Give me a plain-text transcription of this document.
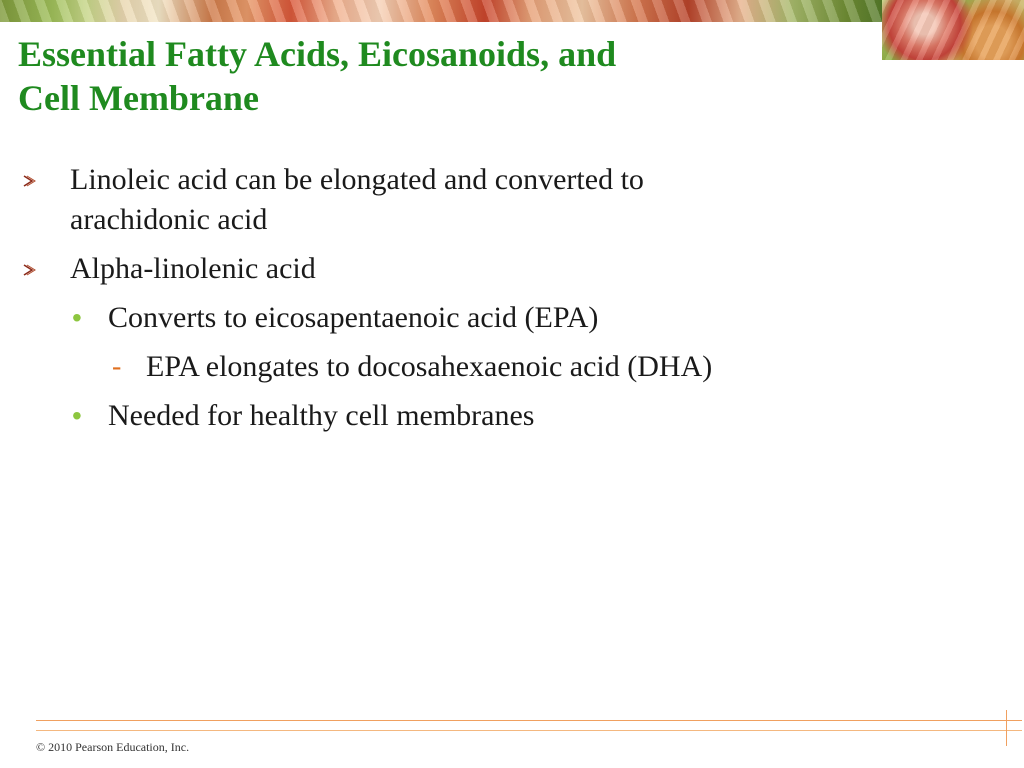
Essential Fatty Acids, Eicosanoids, and
Cell Membrane
Linoleic acid can be elongated and converted to
arachidonic acid
Alpha-linolenic acid
• Converts to eicosapentaenoic acid (EPA)
- EPA elongates to docosahexaenoic acid (DHA)
• Needed for healthy cell membranes
© 2010 Pearson Education, Inc.
